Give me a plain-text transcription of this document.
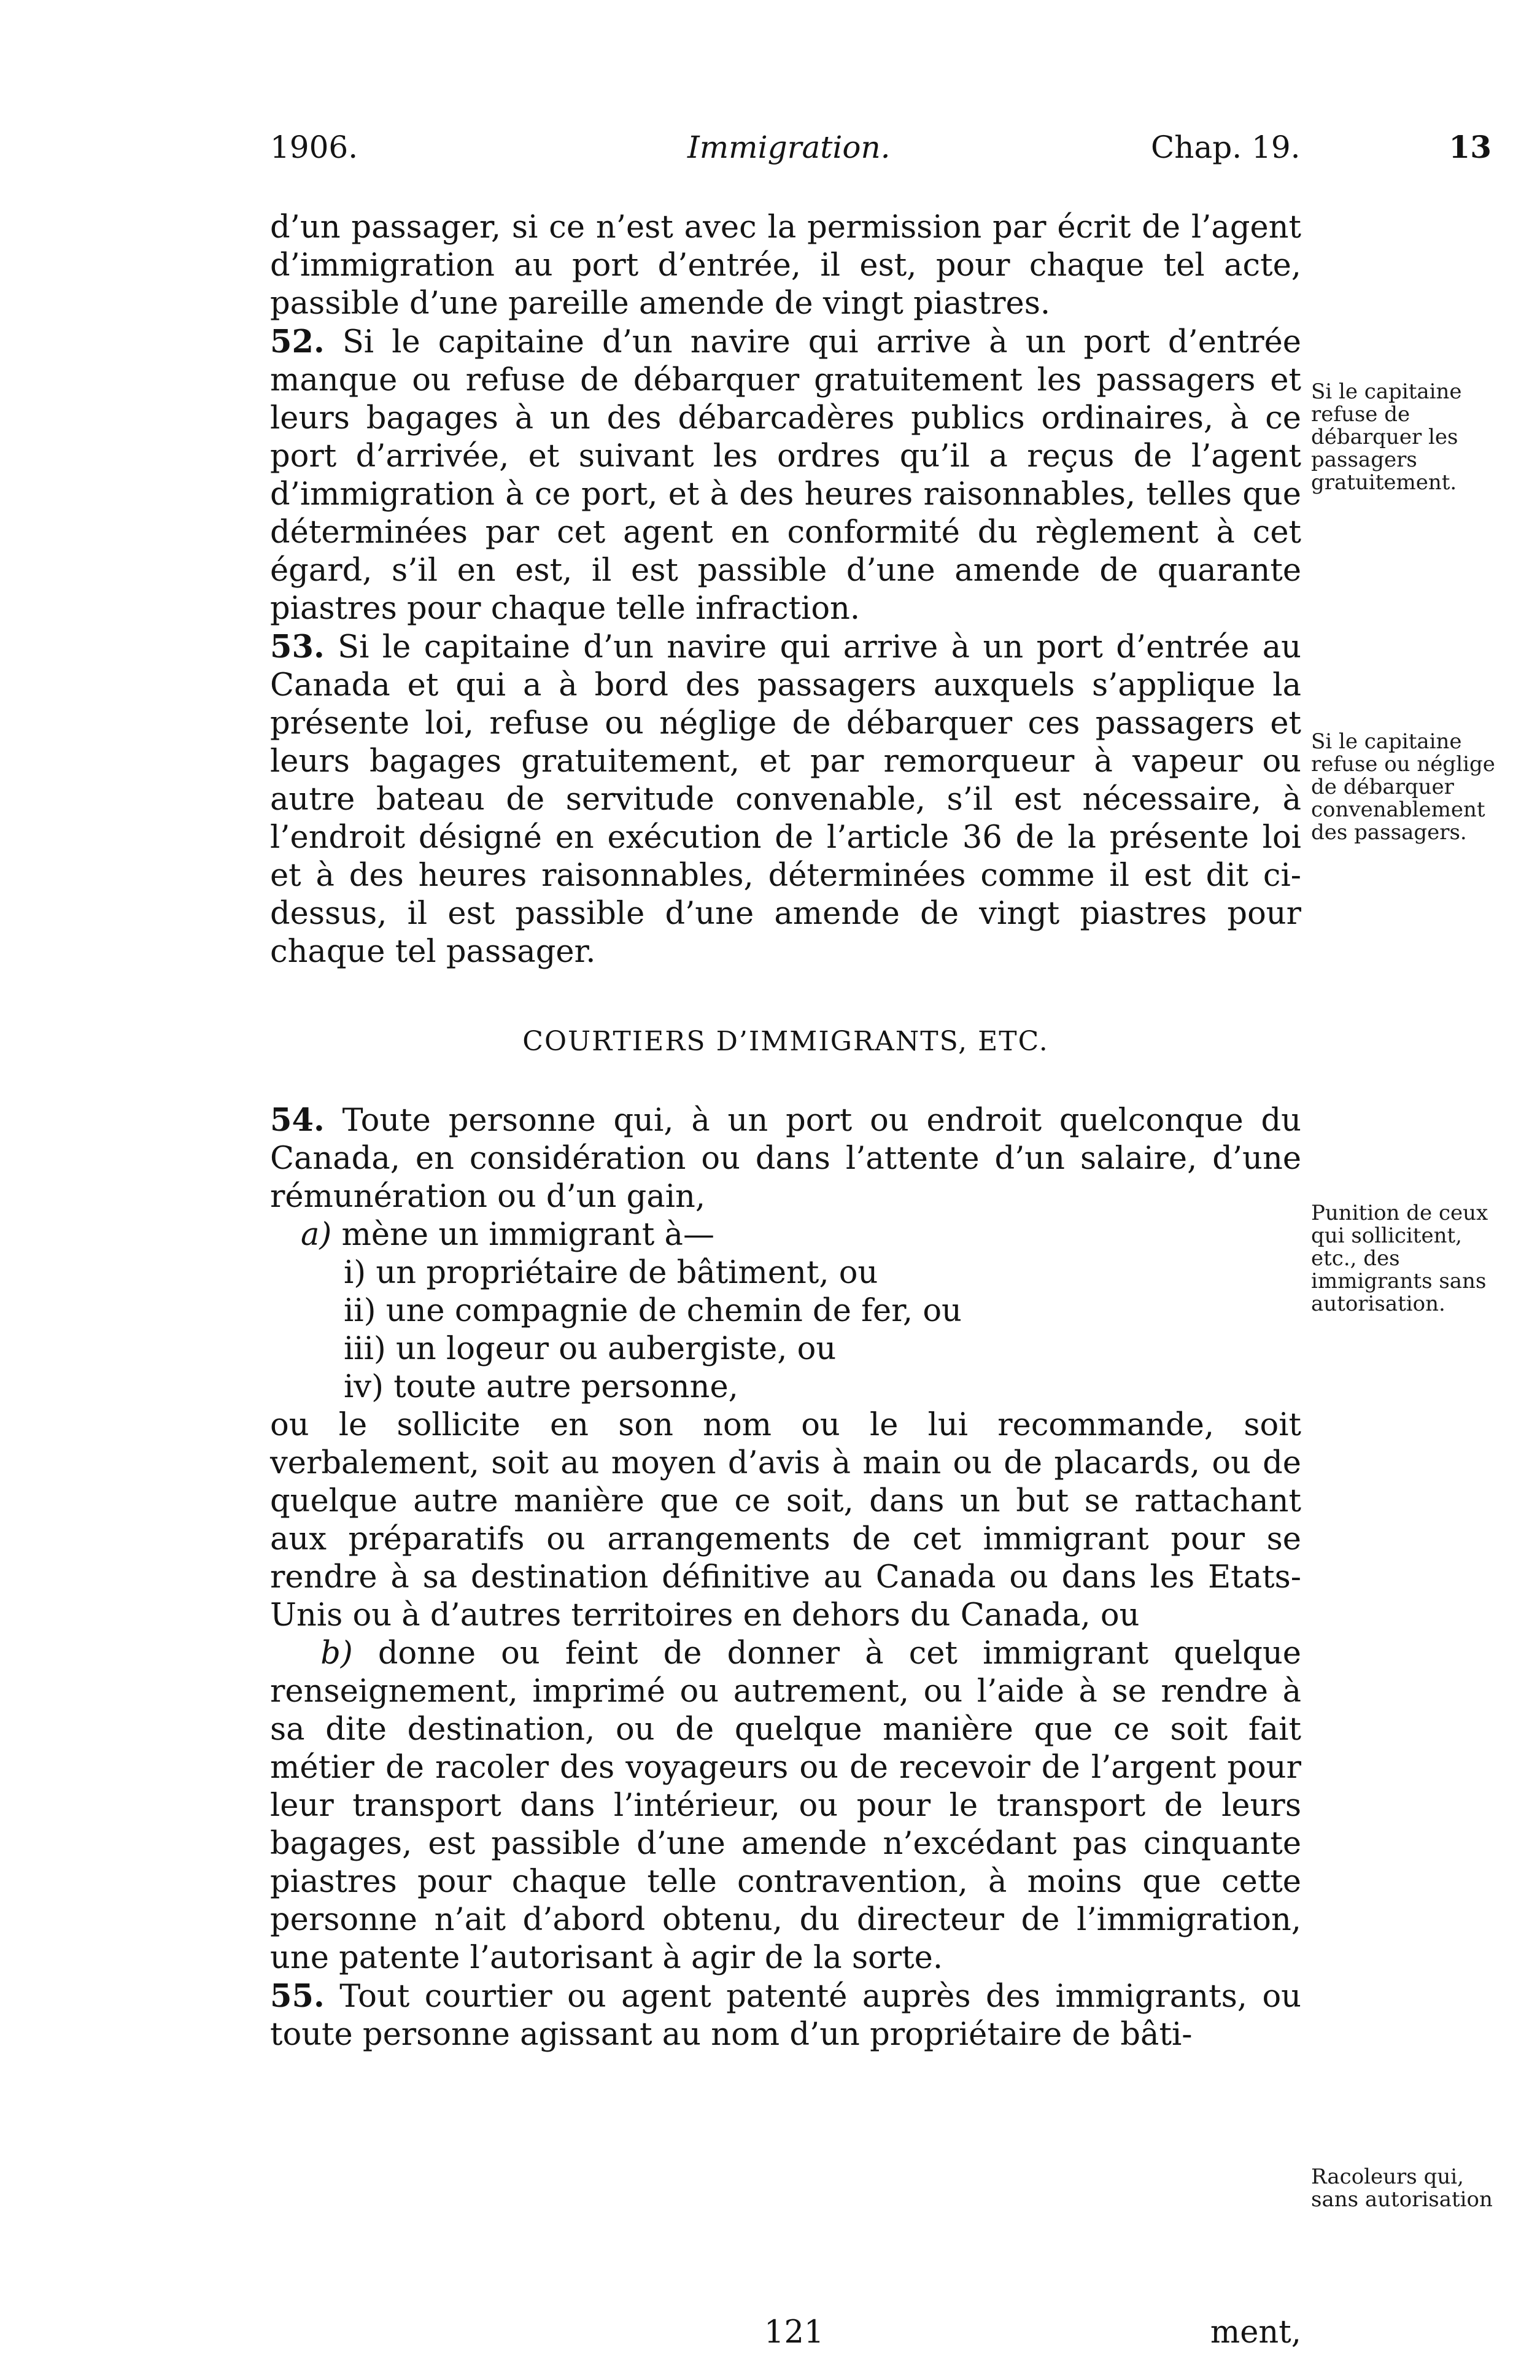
1906.	Immigration.	Chap. 19.	13

d’un passager, si ce n’est avec la permission par écrit de l’agent d’immigration au port d’entrée, il est, pour chaque tel acte, passible d’une pareille amende de vingt piastres.

52. Si le capitaine d’un navire qui arrive à un port d’entrée manque ou refuse de débarquer gratuitement les passagers et leurs bagages à un des débarcadères publics ordinaires, à ce port d’arrivée, et suivant les ordres qu’il a reçus de l’agent d’immigration à ce port, et à des heures raisonnables, telles que déterminées par cet agent en conformité du règlement à cet égard, s’il en est, il est passible d’une amende de quarante piastres pour chaque telle infraction.

53. Si le capitaine d’un navire qui arrive à un port d’entrée au Canada et qui a à bord des passagers auxquels s’applique la présente loi, refuse ou néglige de débarquer ces passagers et leurs bagages gratuitement, et par remorqueur à vapeur ou autre bateau de servitude convenable, s’il est nécessaire, à l’endroit désigné en exécution de l’article 36 de la présente loi et à des heures raisonnables, déterminées comme il est dit ci-dessus, il est passible d’une amende de vingt piastres pour chaque tel passager.

COURTIERS D’IMMIGRANTS, ETC.

54. Toute personne qui, à un port ou endroit quelconque du Canada, en considération ou dans l’attente d’un salaire, d’une rémunération ou d’un gain,

a) mène un immigrant à—

i) un propriétaire de bâtiment, ou

ii) une compagnie de chemin de fer, ou

iii) un logeur ou aubergiste, ou

iv) toute autre personne,

ou le sollicite en son nom ou le lui recommande, soit verbalement, soit au moyen d’avis à main ou de placards, ou de quelque autre manière que ce soit, dans un but se rattachant aux préparatifs ou arrangements de cet immigrant pour se rendre à sa destination définitive au Canada ou dans les Etats-Unis ou à d’autres territoires en dehors du Canada, ou

b) donne ou feint de donner à cet immigrant quelque renseignement, imprimé ou autrement, ou l’aide à se rendre à sa dite destination, ou de quelque manière que ce soit fait métier de racoler des voyageurs ou de recevoir de l’argent pour leur transport dans l’intérieur, ou pour le transport de leurs bagages, est passible d’une amende n’excédant pas cinquante piastres pour chaque telle contravention, à moins que cette personne n’ait d’abord obtenu, du directeur de l’immigration, une patente l’autorisant à agir de la sorte.

55. Tout courtier ou agent patenté auprès des immigrants, ou toute personne agissant au nom d’un propriétaire de bâti-

Si le capitaine refuse de débarquer les passagers gratuitement.
Si le capitaine refuse ou néglige de débarquer convenablement des passagers.
Punition de ceux qui sollicitent, etc., des immigrants sans autorisation.
Racoleurs qui, sans autorisation
121	ment,
